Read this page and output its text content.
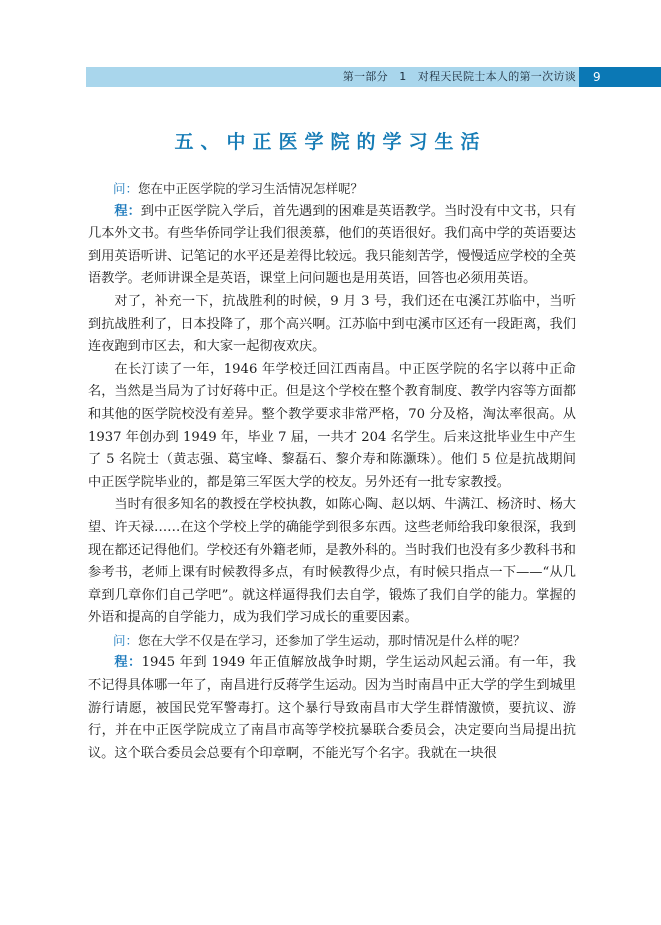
第一部分　1　对程天民院士本人的第一次访谈	9
五、中正医学院的学习生活

问：您在中正医学院的学习生活情况怎样呢？

程：到中正医学院入学后，首先遇到的困难是英语教学。当时没有中文书，只有几本外文书。有些华侨同学让我们很羡慕，他们的英语很好。我们高中学的英语要达到用英语听讲、记笔记的水平还是差得比较远。我只能刻苦学，慢慢适应学校的全英语教学。老师讲课全是英语，课堂上问问题也是用英语，回答也必须用英语。

对了，补充一下，抗战胜利的时候，9 月 3 号，我们还在屯溪江苏临中，当听到抗战胜利了，日本投降了，那个高兴啊。江苏临中到屯溪市区还有一段距离，我们连夜跑到市区去，和大家一起彻夜欢庆。

在长汀读了一年，1946 年学校迁回江西南昌。中正医学院的名字以蒋中正命名，当然是当局为了讨好蒋中正。但是这个学校在整个教育制度、教学内容等方面都和其他的医学院校没有差异。整个教学要求非常严格，70 分及格，淘汰率很高。从 1937 年创办到 1949 年，毕业 7 届，一共才 204 名学生。后来这批毕业生中产生了 5 名院士（黄志强、葛宝峰、黎磊石、黎介寿和陈灏珠）。他们 5 位是抗战期间中正医学院毕业的，都是第三军医大学的校友。另外还有一批专家教授。

当时有很多知名的教授在学校执教，如陈心陶、赵以炳、牛满江、杨济时、杨大望、许天禄……在这个学校上学的确能学到很多东西。这些老师给我印象很深，我到现在都还记得他们。学校还有外籍老师，是教外科的。当时我们也没有多少教科书和参考书，老师上课有时候教得多点，有时候教得少点，有时候只指点一下——“从几章到几章你们自己学吧”。就这样逼得我们去自学，锻炼了我们自学的能力。掌握的外语和提高的自学能力，成为我们学习成长的重要因素。

问：您在大学不仅是在学习，还参加了学生运动，那时情况是什么样的呢？

程：1945 年到 1949 年正值解放战争时期，学生运动风起云涌。有一年，我不记得具体哪一年了，南昌进行反蒋学生运动。因为当时南昌中正大学的学生到城里游行请愿，被国民党军警毒打。这个暴行导致南昌市大学生群情激愤，要抗议、游行，并在中正医学院成立了南昌市高等学校抗暴联合委员会，决定要向当局提出抗议。这个联合委员会总要有个印章啊，不能光写个名字。我就在一块很
